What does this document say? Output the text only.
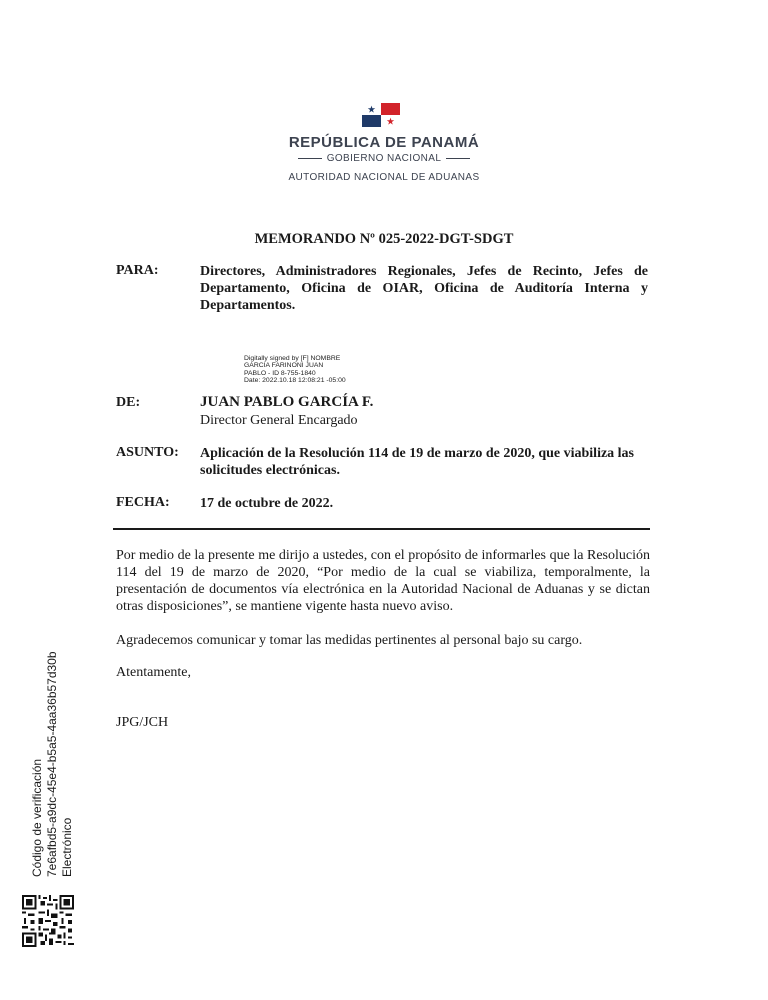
REPÚBLICA DE PANAMÁ
GOBIERNO NACIONAL
AUTORIDAD NACIONAL DE ADUANAS
MEMORANDO Nº 025-2022-DGT-SDGT
PARA:	Directores, Administradores Regionales, Jefes de Recinto, Jefes de Departamento, Oficina de OIAR, Oficina de Auditoría Interna y Departamentos.
Digitally signed by [F] NOMBRE
GARCIA FARINONI JUAN
PABLO - ID 8-755-1840
Date: 2022.10.18 12:08:21 -05:00
DE:	JUAN PABLO GARCÍA F.
Director General Encargado
ASUNTO: Aplicación de la Resolución 114 de 19 de marzo de 2020, que viabiliza las solicitudes electrónicas.
FECHA: 17 de octubre de 2022.
Por medio de la presente me dirijo a ustedes, con el propósito de informarles que la Resolución 114 del 19 de marzo de 2020, “Por medio de la cual se viabiliza, temporalmente, la presentación de documentos vía electrónica en la Autoridad Nacional de Aduanas y se dictan otras disposiciones”, se mantiene vigente hasta nuevo aviso.
Agradecemos comunicar y tomar las medidas pertinentes al personal bajo su cargo.
Atentamente,
JPG/JCH
Código de verificación 7e6afbd5-a9dc-45e4-b5a5-4aa36b57d30b Electrónico
